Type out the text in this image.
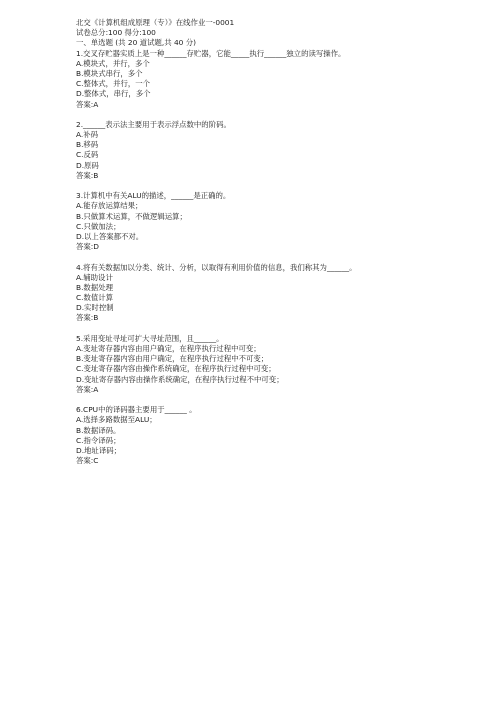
北交《计算机组成原理（专）》在线作业一-0001
试卷总分:100 得分:100
一、单选题 (共 20 道试题,共 40 分)
1.交叉存贮器实质上是一种______存贮器，它能_____执行______独立的读写操作。
A.模块式，并行，多个
B.模块式串行，多个
C.整体式，并行，一个
D.整体式，串行，多个
答案:A
2.______表示法主要用于表示浮点数中的阶码。
A.补码
B.移码
C.反码
D.原码
答案:B
3.计算机中有关ALU的描述，______是正确的。
A.能存放运算结果；
B.只做算术运算，不做逻辑运算；
C.只做加法；
D.以上答案都不对。
答案:D
4.将有关数据加以分类、统计、分析，以取得有利用价值的信息，我们称其为______。
A.辅助设计
B.数据处理
C.数值计算
D.实时控制
答案:B
5.采用变址寻址可扩大寻址范围，且______。
A.变址寄存器内容由用户确定，在程序执行过程中可变；
B.变址寄存器内容由用户确定，在程序执行过程中不可变；
C.变址寄存器内容由操作系统确定，在程序执行过程中可变；
D.变址寄存器内容由操作系统确定，在程序执行过程不中可变；
答案:A
6.CPU中的译码器主要用于______ 。
A.选择多路数据至ALU；
B.数据译码。
C.指令译码；
D.地址译码；
答案:C
